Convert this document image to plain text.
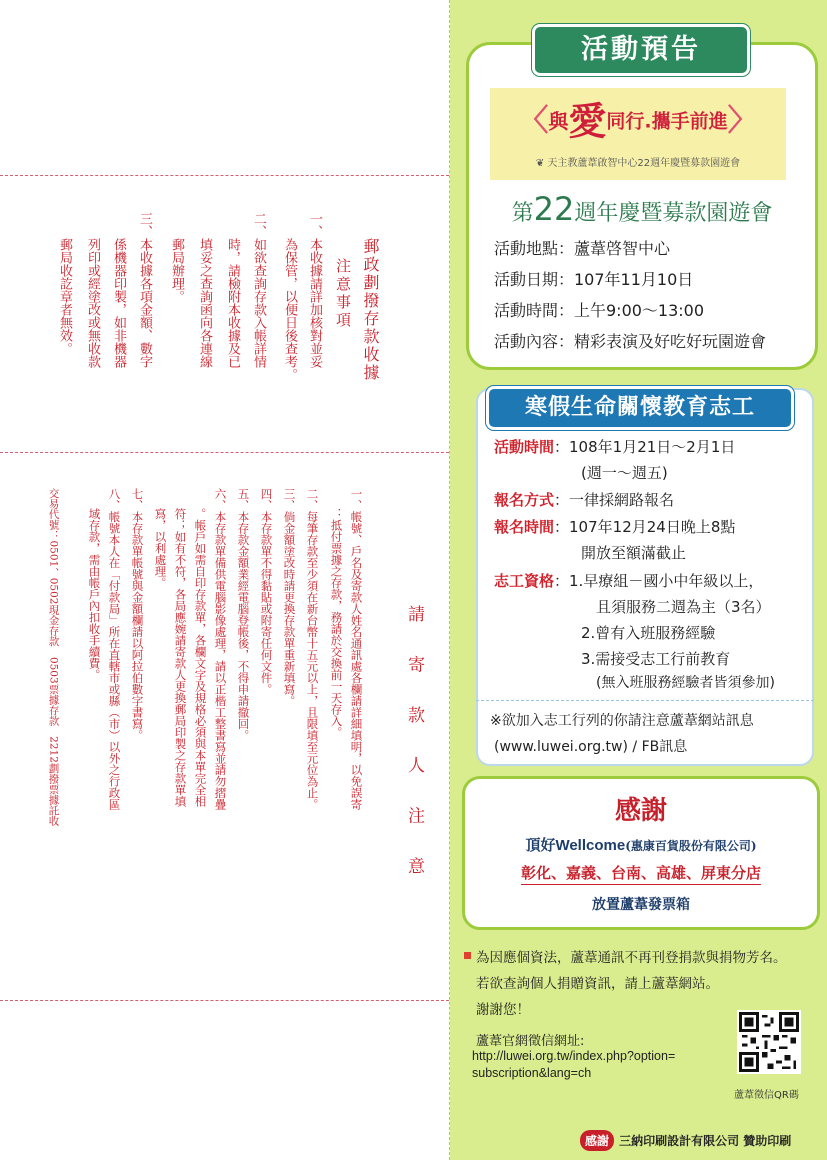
郵政劃撥存款收據
注意事項
一、本收據請詳加核對並妥
為保管，以便日後查考。
二、如欲查詢存款入帳詳情
時，請檢附本收據及已
填妥之查詢函向各連線
郵局辦理。
三、本收據各項金額、數字
係機器印製，如非機器
列印或經塗改或無收款
郵局收訖章者無效。
請 寄 款 人 注 意
一、帳號、戶名及寄款人姓名通訊處各欄請詳細填明，以免誤寄
：抵付票據之存款，務請於交換前一天存入。
二、每筆存款至少須在新台幣十五元以上，且限填至元位為止。
三、倘金額塗改時請更換存款單重新填寫。
四、本存款單不得黏貼或附寄任何文件。
五、本存款金額業經電腦登帳後，不得申請撤回。
六、本存款單備供電腦影像處理，請以正楷工整書寫並請勿摺疊
。帳戶如需自印存款單，各欄文字及規格必須與本單完全相
符；如有不符，各局應婉請寄款人更換郵局印製之存款單填
寫，以利處理。
七、本存款單帳號與金額欄請以阿拉伯數字書寫。
八、帳號本人在「付款局」所在直轄市或縣（市）以外之行政區
域存款，需由帳戶內扣收手續費。
交易代號：0501、0502現金存款　0503票據存款　2212劃撥票據託收
活動預告
〈與愛同行.攜手前進〉
❦ 天主教蘆葦啟智中心22週年慶暨募款園遊會
第22週年慶暨募款園遊會
活動地點：蘆葦啓智中心
活動日期：107年11月10日
活動時間：上午9:00～13:00
活動內容：精彩表演及好吃好玩園遊會
寒假生命關懷教育志工
活動時間：108年1月21日～2月1日
(週一～週五)
報名方式：一律採網路報名
報名時間：107年12月24日晚上8點
開放至額滿截止
志工資格：1.早療組－國小中年級以上，
且須服務二週為主（3名）
2.曾有入班服務經驗
3.需接受志工行前教育
(無入班服務經驗者皆須參加)
※欲加入志工行列的你請注意蘆葦網站訊息
(www.luwei.org.tw) / FB訊息
感謝
頂好Wellcome(惠康百貨股份有限公司)
彰化、嘉義、台南、高雄、屏東分店
放置蘆葦發票箱
為因應個資法，蘆葦通訊不再刊登捐款與捐物芳名。
若欲查詢個人捐贈資訊，請上蘆葦網站。
謝謝您！
蘆葦官網徵信網址:
http://luwei.org.tw/index.php?option=
subscription&lang=ch
蘆葦徵信QR碼
感謝 三納印刷設計有限公司 贊助印刷
